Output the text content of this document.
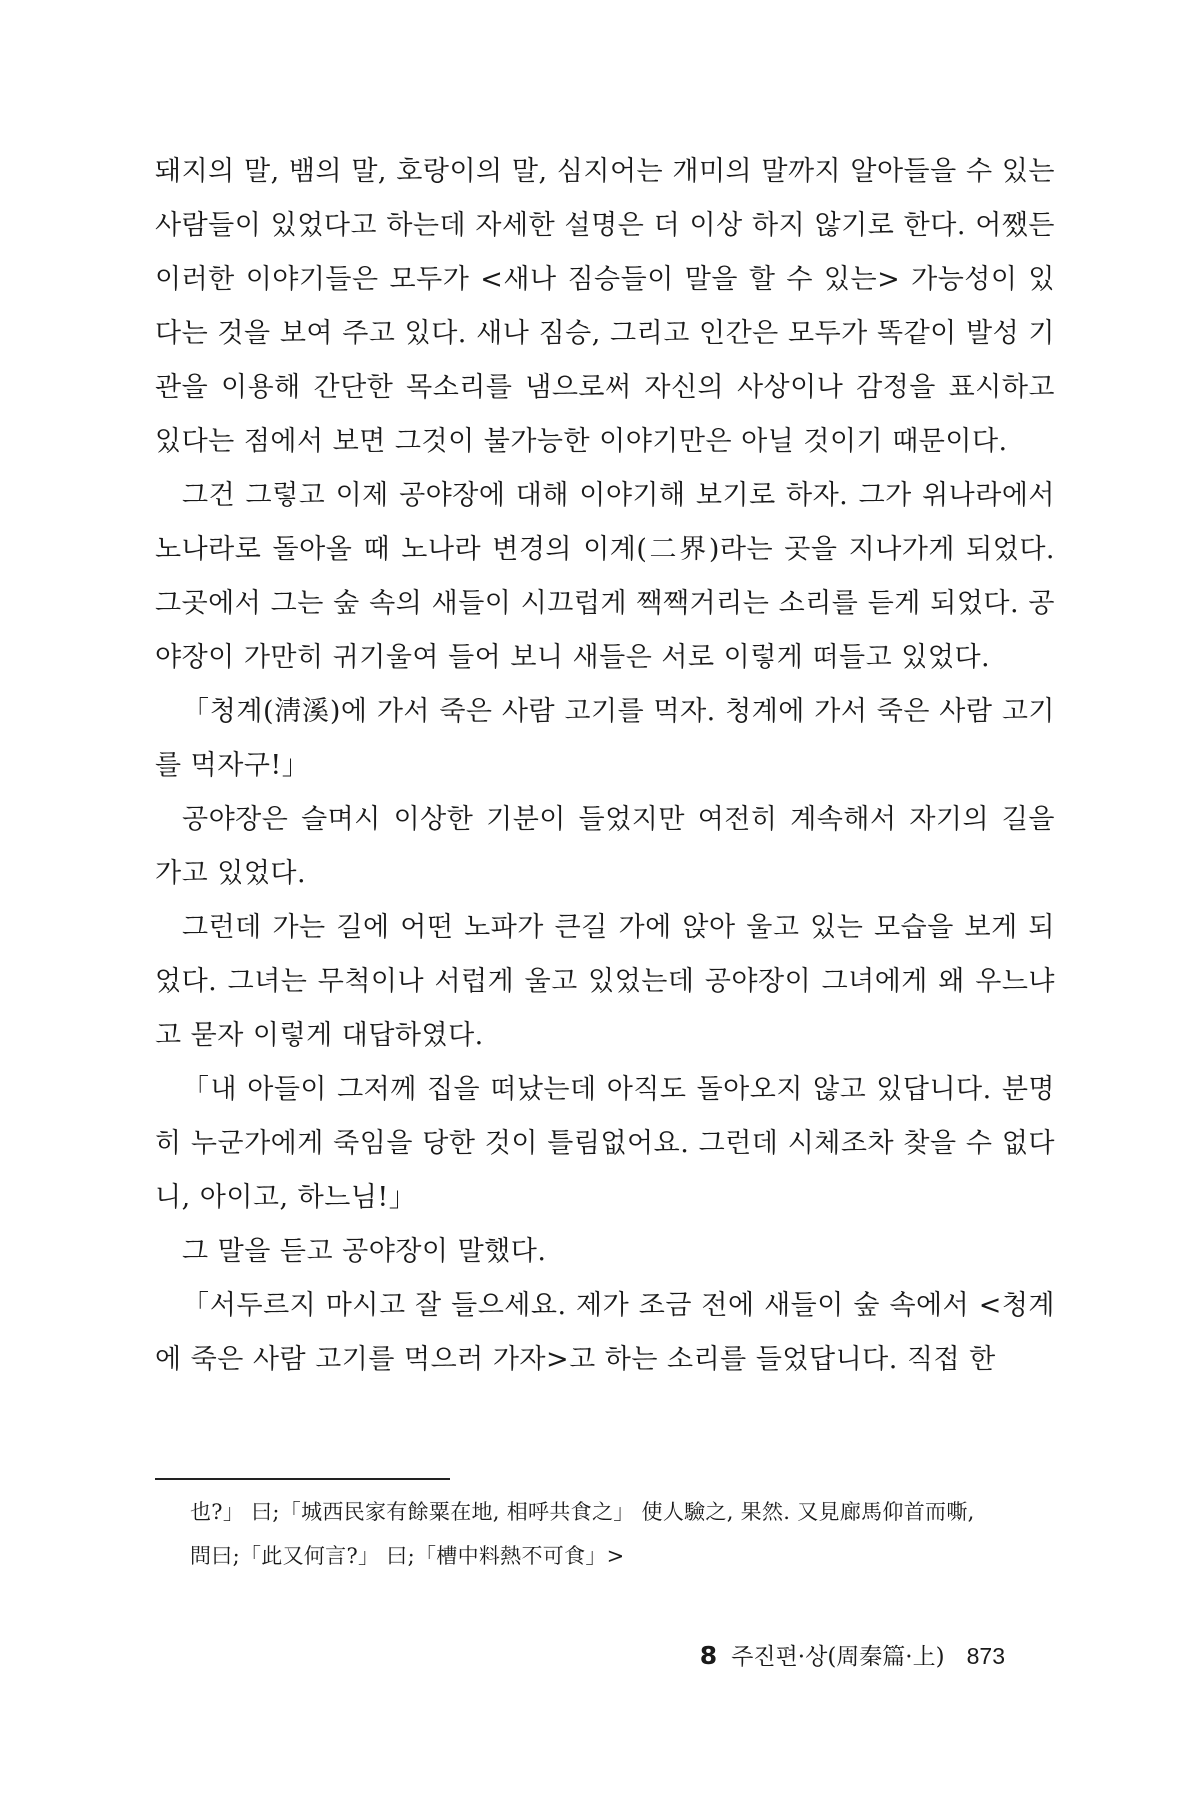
돼지의 말, 뱀의 말, 호랑이의 말, 심지어는 개미의 말까지 알아들을 수 있는 사람들이 있었다고 하는데 자세한 설명은 더 이상 하지 않기로 한다. 어쨌든 이러한 이야기들은 모두가 <새나 짐승들이 말을 할 수 있는> 가능성이 있다는 것을 보여 주고 있다. 새나 짐승, 그리고 인간은 모두가 똑같이 발성 기관을 이용해 간단한 목소리를 냄으로써 자신의 사상이나 감정을 표시하고 있다는 점에서 보면 그것이 불가능한 이야기만은 아닐 것이기 때문이다.

그건 그렇고 이제 공야장에 대해 이야기해 보기로 하자. 그가 위나라에서 노나라로 돌아올 때 노나라 변경의 이계(二界)라는 곳을 지나가게 되었다. 그곳에서 그는 숲 속의 새들이 시끄럽게 짹짹거리는 소리를 듣게 되었다. 공야장이 가만히 귀기울여 들어 보니 새들은 서로 이렇게 떠들고 있었다.

「청계(淸溪)에 가서 죽은 사람 고기를 먹자. 청계에 가서 죽은 사람 고기를 먹자구!」

공야장은 슬며시 이상한 기분이 들었지만 여전히 계속해서 자기의 길을 가고 있었다.

그런데 가는 길에 어떤 노파가 큰길 가에 앉아 울고 있는 모습을 보게 되었다. 그녀는 무척이나 서럽게 울고 있었는데 공야장이 그녀에게 왜 우느냐고 묻자 이렇게 대답하였다.

「내 아들이 그저께 집을 떠났는데 아직도 돌아오지 않고 있답니다. 분명히 누군가에게 죽임을 당한 것이 틀림없어요. 그런데 시체조차 찾을 수 없다니, 아이고, 하느님!」

그 말을 듣고 공야장이 말했다.

「서두르지 마시고 잘 들으세요. 제가 조금 전에 새들이 숲 속에서 <청계에 죽은 사람 고기를 먹으러 가자>고 하는 소리를 들었답니다. 직접 한

也?」 曰;「城西民家有餘粟在地, 相呼共食之」 使人驗之, 果然. 又見廊馬仰首而嘶,
問曰;「此又何言?」 曰;「槽中料熱不可食」>
8 주진편·상(周秦篇·上) 873
